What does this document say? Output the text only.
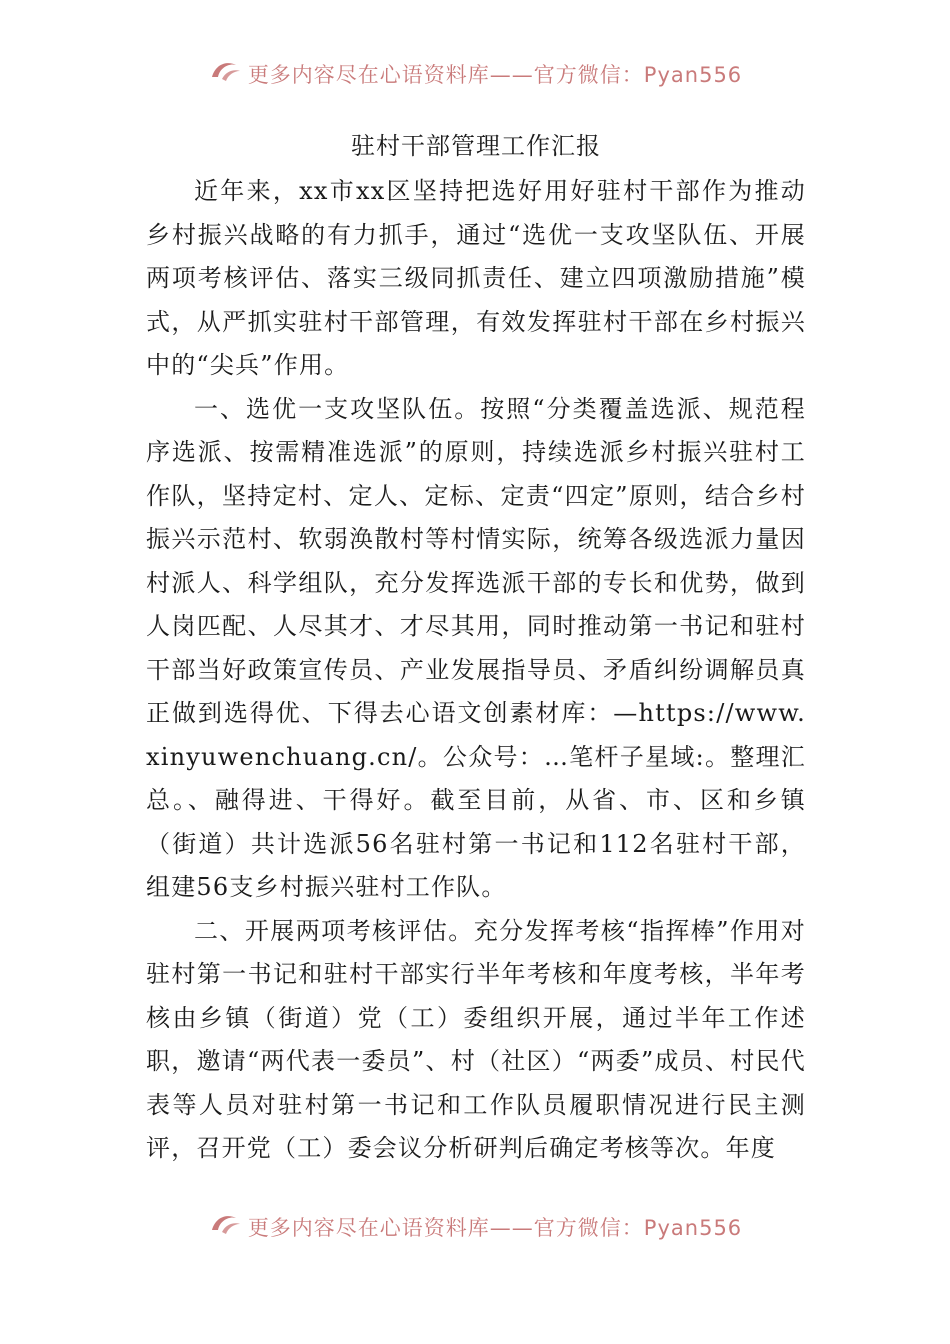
更多内容尽在心语资料库——官方微信：Pyan556
驻村干部管理工作汇报

近年来，xx市xx区坚持把选好用好驻村干部作为推动乡村振兴战略的有力抓手，通过“选优一支攻坚队伍、开展两项考核评估、落实三级同抓责任、建立四项激励措施”模式，从严抓实驻村干部管理，有效发挥驻村干部在乡村振兴中的“尖兵”作用。

一、选优一支攻坚队伍。按照“分类覆盖选派、规范程序选派、按需精准选派”的原则，持续选派乡村振兴驻村工作队，坚持定村、定人、定标、定责“四定”原则，结合乡村振兴示范村、软弱涣散村等村情实际，统筹各级选派力量因村派人、科学组队，充分发挥选派干部的专长和优势，做到人岗匹配、人尽其才、才尽其用，同时推动第一书记和驻村干部当好政策宣传员、产业发展指导员、矛盾纠纷调解员真正做到选得优、下得去心语文创素材库：—https://www.xinyuwenchuang.cn/。公众号：…笔杆子星域:。整理汇总。、融得进、干得好。截至目前，从省、市、区和乡镇（街道）共计选派56名驻村第一书记和112名驻村干部，组建56支乡村振兴驻村工作队。

二、开展两项考核评估。充分发挥考核“指挥棒”作用对驻村第一书记和驻村干部实行半年考核和年度考核，半年考核由乡镇（街道）党（工）委组织开展，通过半年工作述职，邀请“两代表一委员”、村（社区）“两委”成员、村民代表等人员对驻村第一书记和工作队员履职情况进行民主测评，召开党（工）委会议分析研判后确定考核等次。年度

更多内容尽在心语资料库——官方微信：Pyan556
